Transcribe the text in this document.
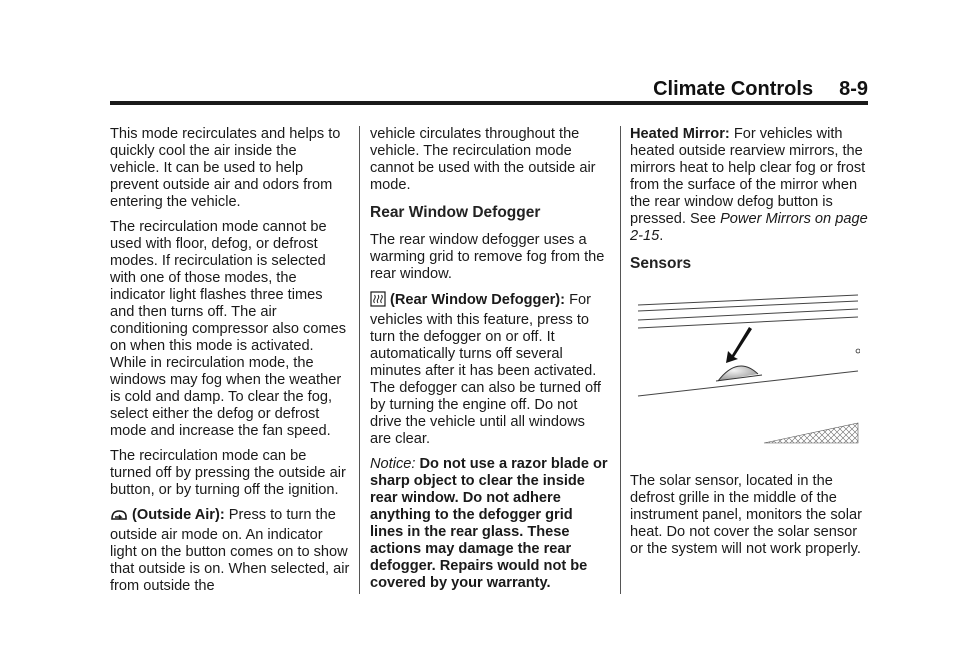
Climate Controls 8-9

This mode recirculates and helps to quickly cool the air inside the vehicle. It can be used to help prevent outside air and odors from entering the vehicle.

The recirculation mode cannot be used with floor, defog, or defrost modes. If recirculation is selected with one of those modes, the indicator light flashes three times and then turns off. The air conditioning compressor also comes on when this mode is activated. While in recirculation mode, the windows may fog when the weather is cold and damp. To clear the fog, select either the defog or defrost mode and increase the fan speed.

The recirculation mode can be turned off by pressing the outside air button, or by turning off the ignition.

(Outside Air): Press to turn the outside air mode on. An indicator light on the button comes on to show that outside is on. When selected, air from outside the

vehicle circulates throughout the vehicle. The recirculation mode cannot be used with the outside air mode.

Rear Window Defogger

The rear window defogger uses a warming grid to remove fog from the rear window.

(Rear Window Defogger): For vehicles with this feature, press to turn the defogger on or off. It automatically turns off several minutes after it has been activated. The defogger can also be turned off by turning the engine off. Do not drive the vehicle until all windows are clear.

Notice: Do not use a razor blade or sharp object to clear the inside rear window. Do not adhere anything to the defogger grid lines in the rear glass. These actions may damage the rear defogger. Repairs would not be covered by your warranty.

Heated Mirror: For vehicles with heated outside rearview mirrors, the mirrors heat to help clear fog or frost from the surface of the mirror when the rear window defog button is pressed. See Power Mirrors on page 2-15.

Sensors

The solar sensor, located in the defrost grille in the middle of the instrument panel, monitors the solar heat. Do not cover the solar sensor or the system will not work properly.
